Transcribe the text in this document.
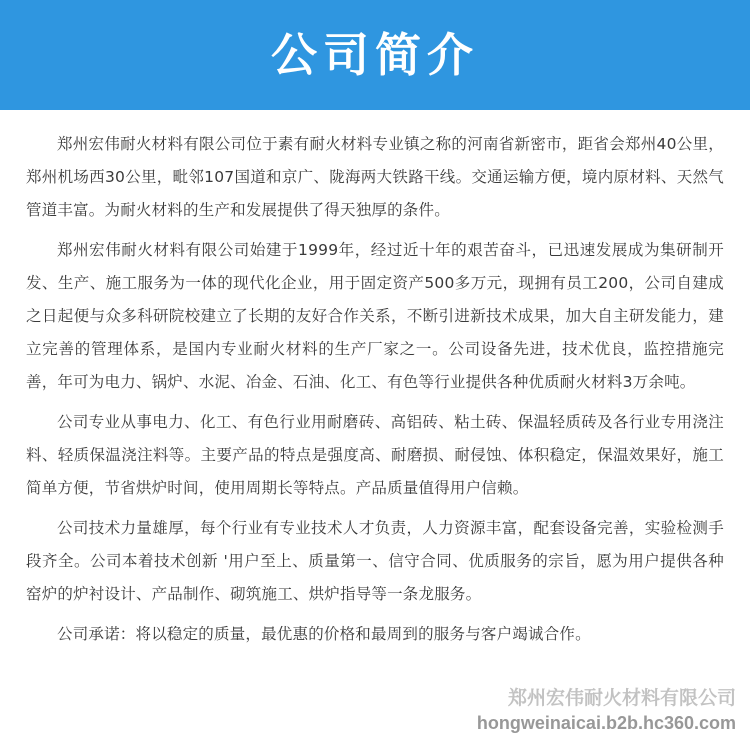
公司简介

郑州宏伟耐火材料有限公司位于素有耐火材料专业镇之称的河南省新密市，距省会郑州40公里，郑州机场西30公里，毗邻107国道和京广、陇海两大铁路干线。交通运输方便，境内原材料、天然气管道丰富。为耐火材料的生产和发展提供了得天独厚的条件。

郑州宏伟耐火材料有限公司始建于1999年，经过近十年的艰苦奋斗，已迅速发展成为集研制开发、生产、施工服务为一体的现代化企业，用于固定资产500多万元，现拥有员工200，公司自建成之日起便与众多科研院校建立了长期的友好合作关系，不断引进新技术成果，加大自主研发能力，建立完善的管理体系，是国内专业耐火材料的生产厂家之一。公司设备先进，技术优良，监控措施完善，年可为电力、锅炉、水泥、冶金、石油、化工、有色等行业提供各种优质耐火材料3万余吨。

公司专业从事电力、化工、有色行业用耐磨砖、高铝砖、粘土砖、保温轻质砖及各行业专用浇注料、轻质保温浇注料等。主要产品的特点是强度高、耐磨损、耐侵蚀、体积稳定，保温效果好，施工简单方便，节省烘炉时间，使用周期长等特点。产品质量值得用户信赖。

公司技术力量雄厚，每个行业有专业技术人才负责，人力资源丰富，配套设备完善，实验检测手段齐全。公司本着技术创新 '用户至上、质量第一、信守合同、优质服务的宗旨，愿为用户提供各种窑炉的炉衬设计、产品制作、砌筑施工、烘炉指导等一条龙服务。

公司承诺：将以稳定的质量，最优惠的价格和最周到的服务与客户竭诚合作。

郑州宏伟耐火材料有限公司
hongweinaicai.b2b.hc360.com
